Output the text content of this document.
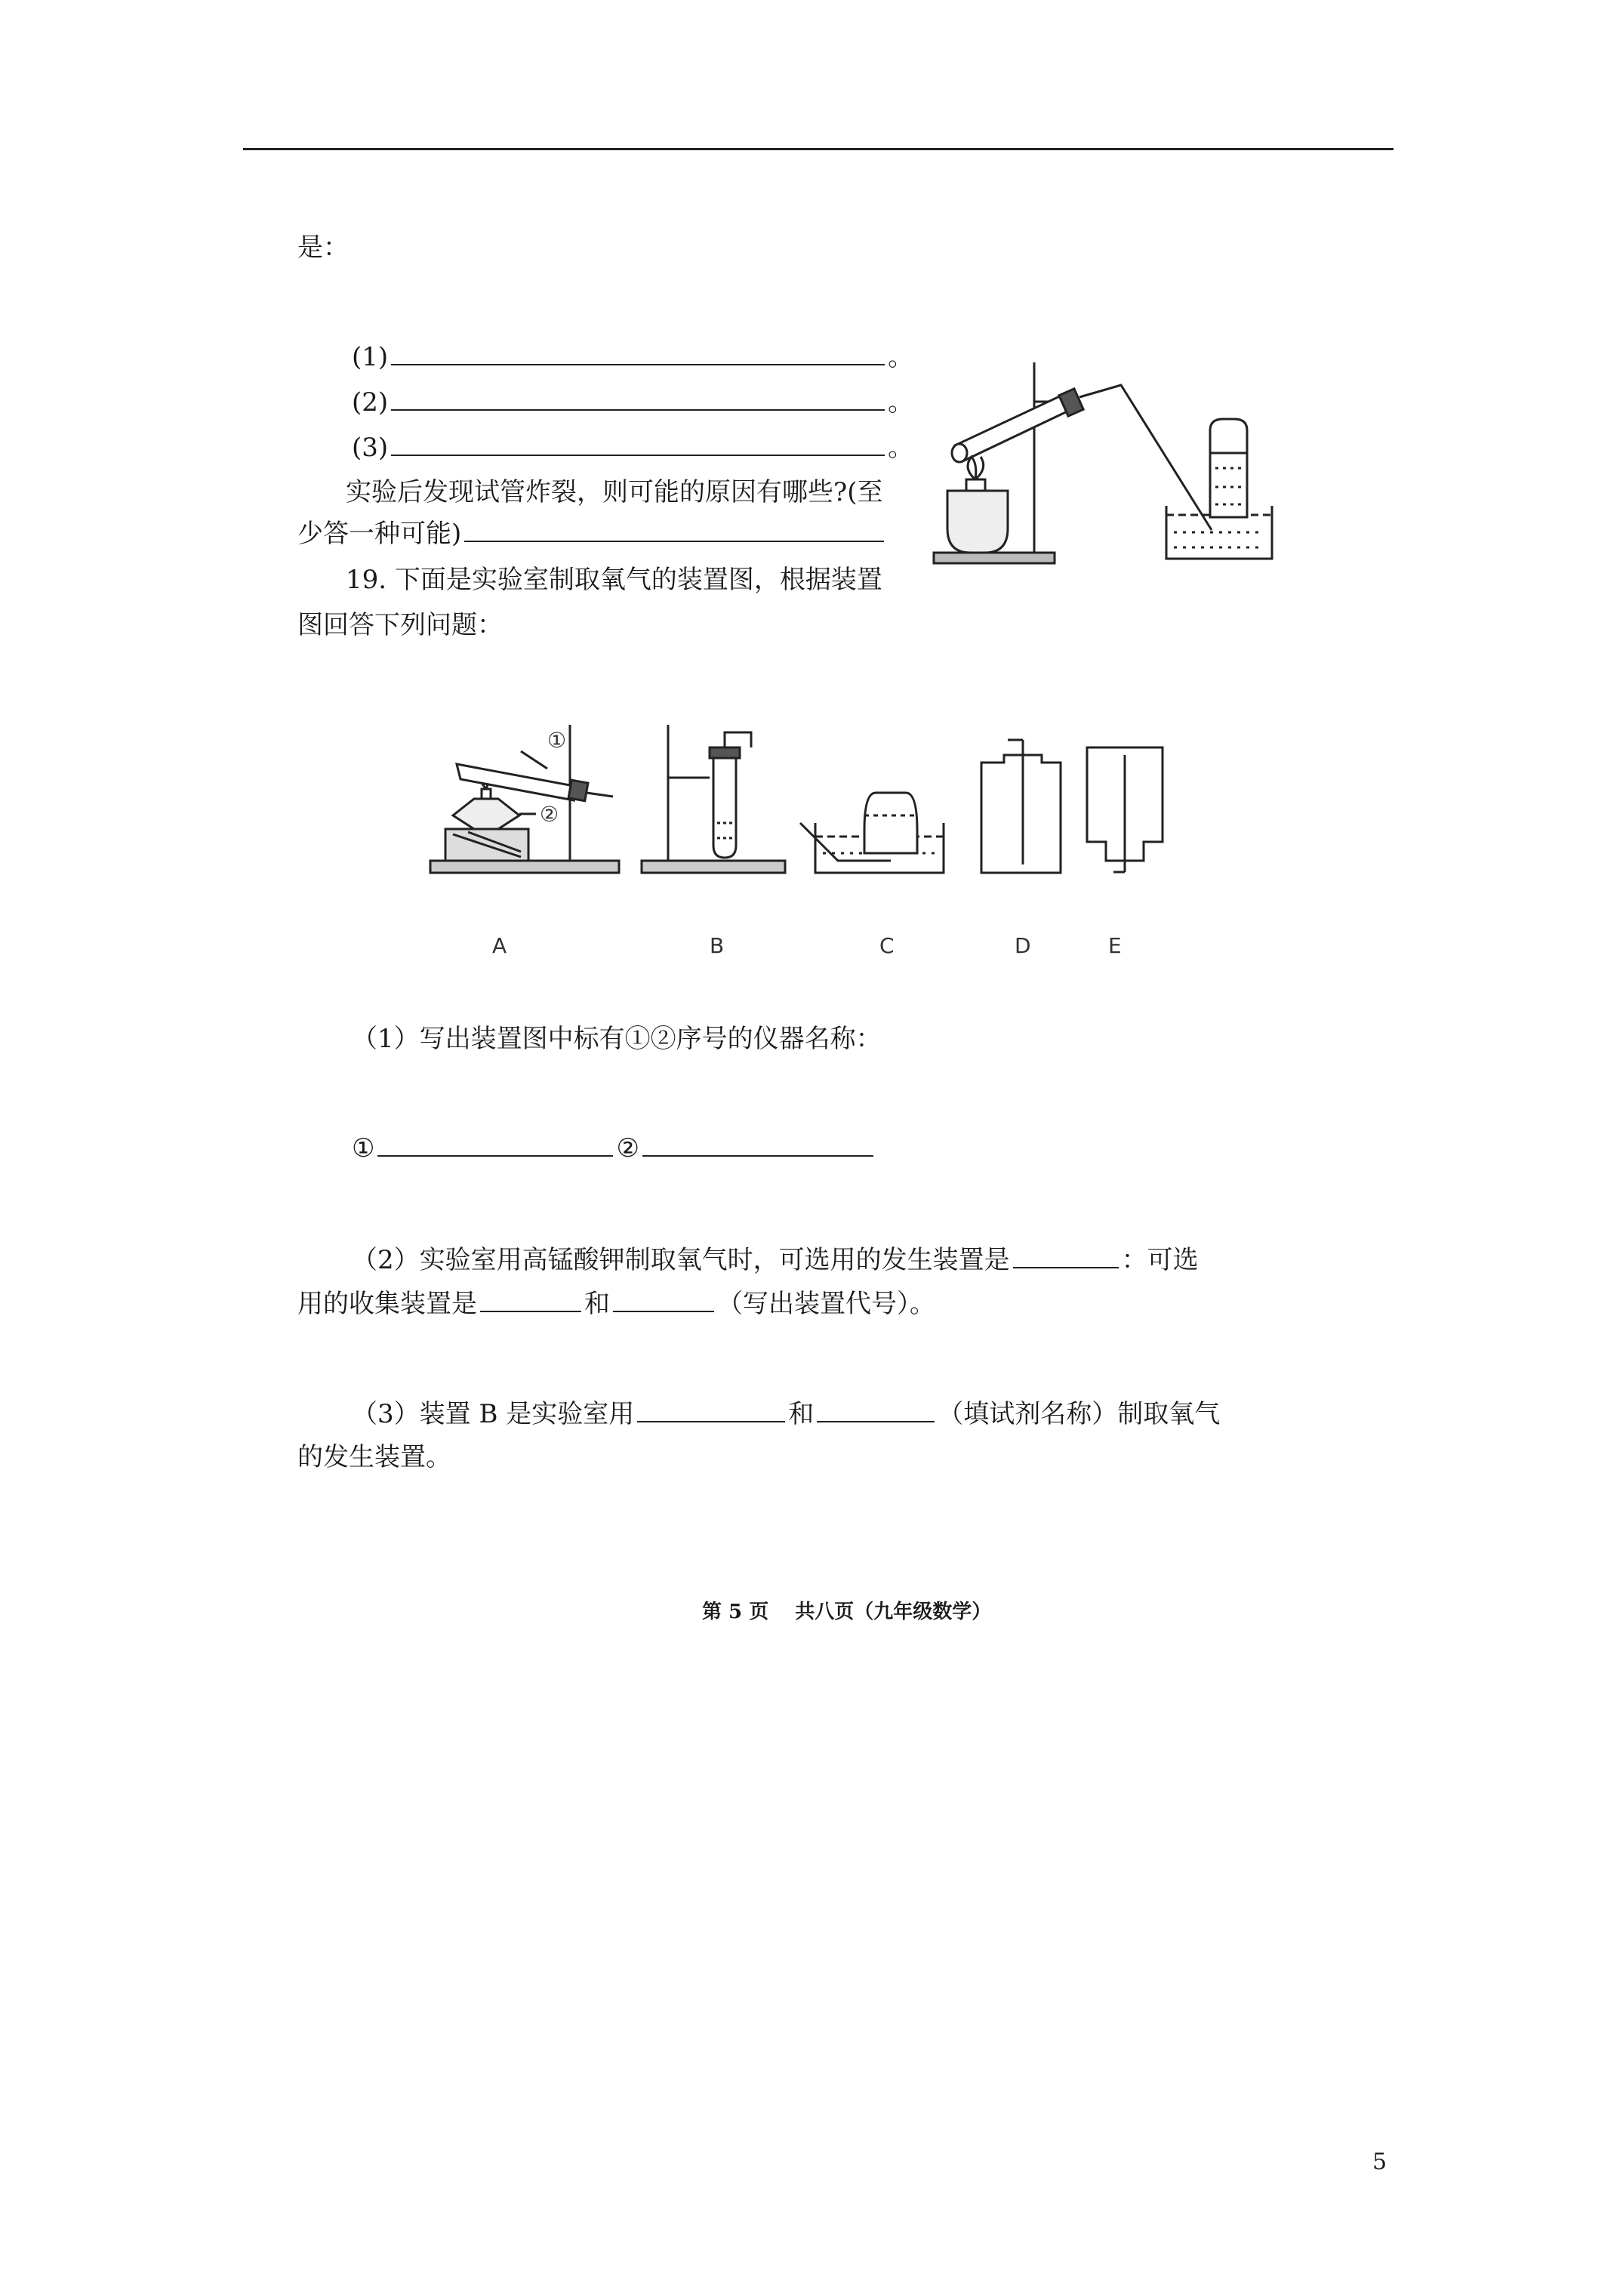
是：
(1)	。
(2)	。
(3)	。
实验后发现试管炸裂，则可能的原因有哪些?(至
少答一种可能)
19. 下面是实验室制取氧气的装置图，根据装置
图回答下列问题：
A	B	C	D	E
①
②
（1）写出装置图中标有①②序号的仪器名称：
①	②
（2）实验室用高锰酸钾制取氧气时，可选用的发生装置是	：可选
用的收集装置是	和	（写出装置代号）。
（3）装置 B 是实验室用	和	（填试剂名称）制取氧气
的发生装置。
第 5 页　 共八页（九年级数学）
5
